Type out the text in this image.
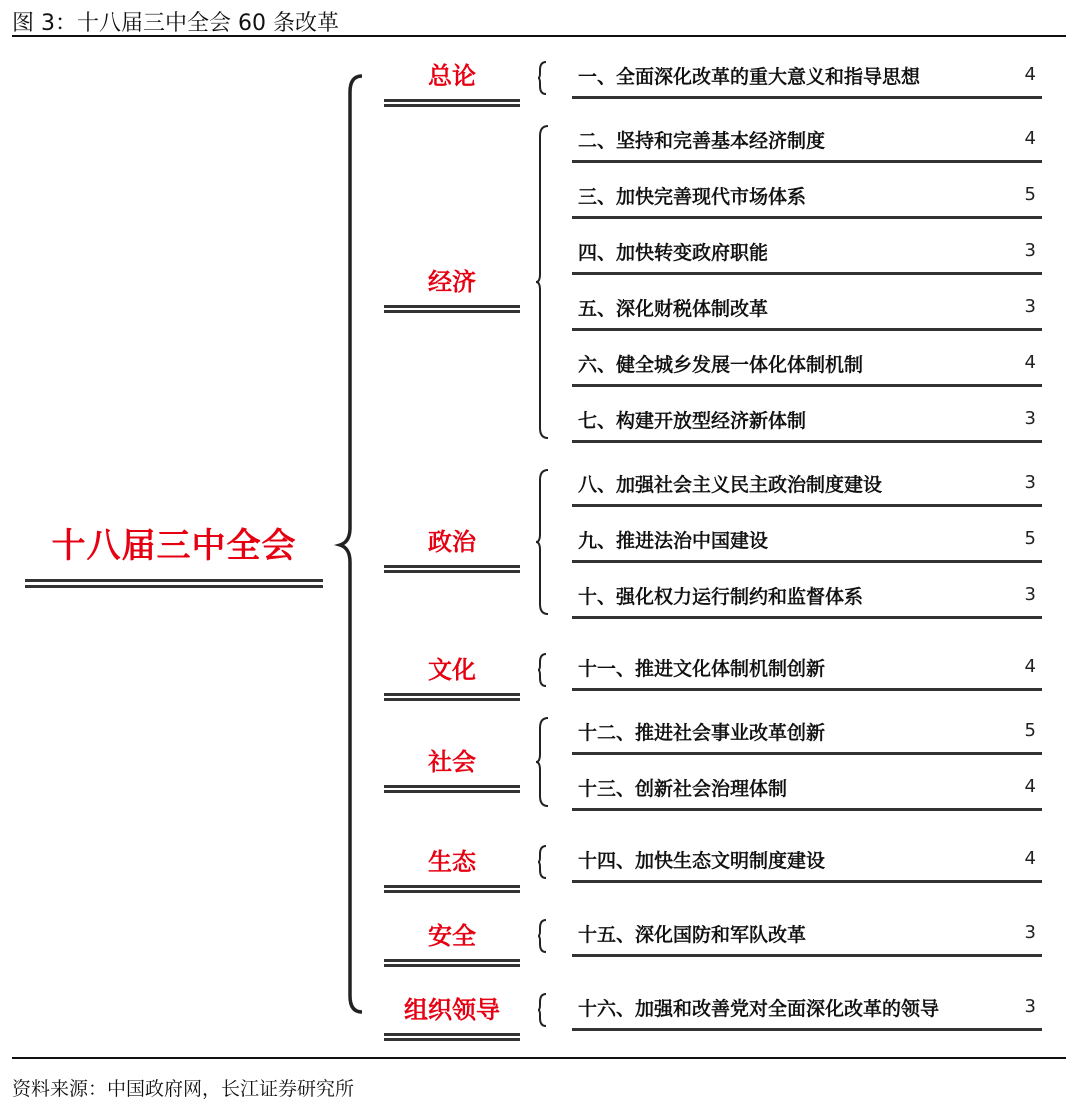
图 3：十八届三中全会 60 条改革
十八届三中全会
总论	一、全面深化改革的重大意义和指导思想	4
经济
二、坚持和完善基本经济制度	4
三、加快完善现代市场体系	5
四、加快转变政府职能	3
五、深化财税体制改革	3
六、健全城乡发展一体化体制机制	4
七、构建开放型经济新体制	3
政治
八、加强社会主义民主政治制度建设	3
九、推进法治中国建设	5
十、强化权力运行制约和监督体系	3
文化	十一、推进文化体制机制创新	4
社会
十二、推进社会事业改革创新	5
十三、创新社会治理体制	4
生态	十四、加快生态文明制度建设	4
安全	十五、深化国防和军队改革	3
组织领导	十六、加强和改善党对全面深化改革的领导	3
资料来源：中国政府网，长江证券研究所
